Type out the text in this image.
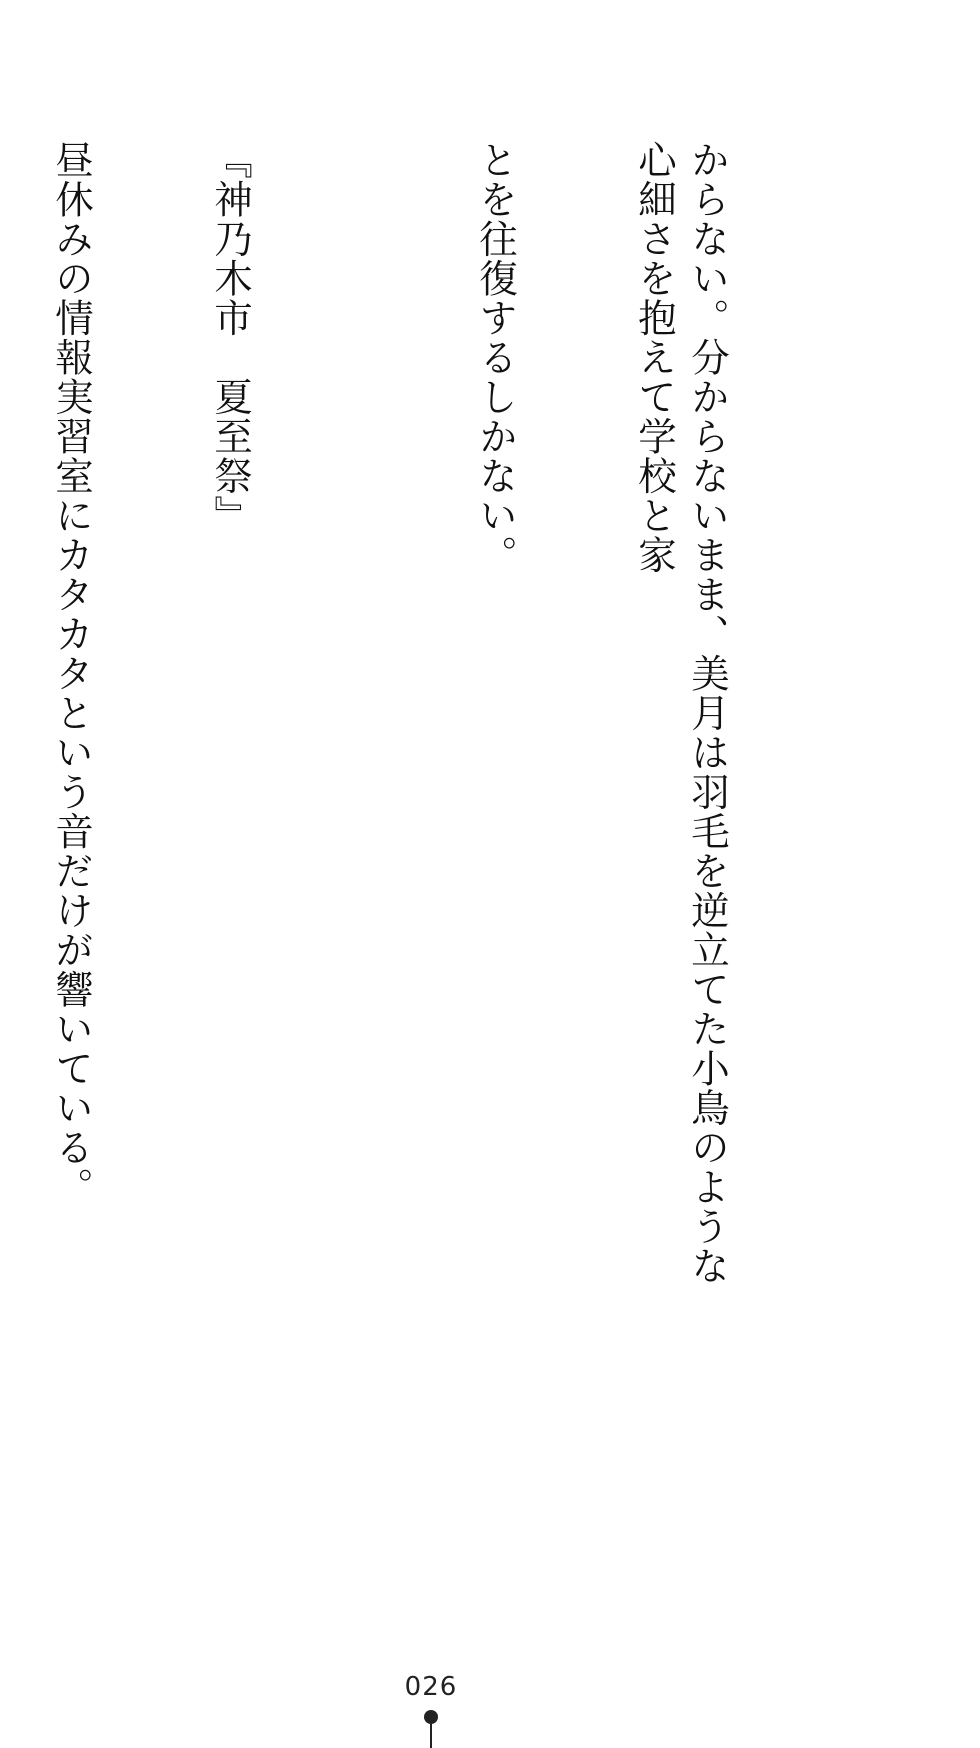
からない。分からないまま、美月は羽毛を逆立てた小鳥のような心細さを抱えて学校と家

とを往復するしかない。

『神乃木市　夏至祭』

昼休みの情報実習室にカタカタという音だけが響いている。

026
